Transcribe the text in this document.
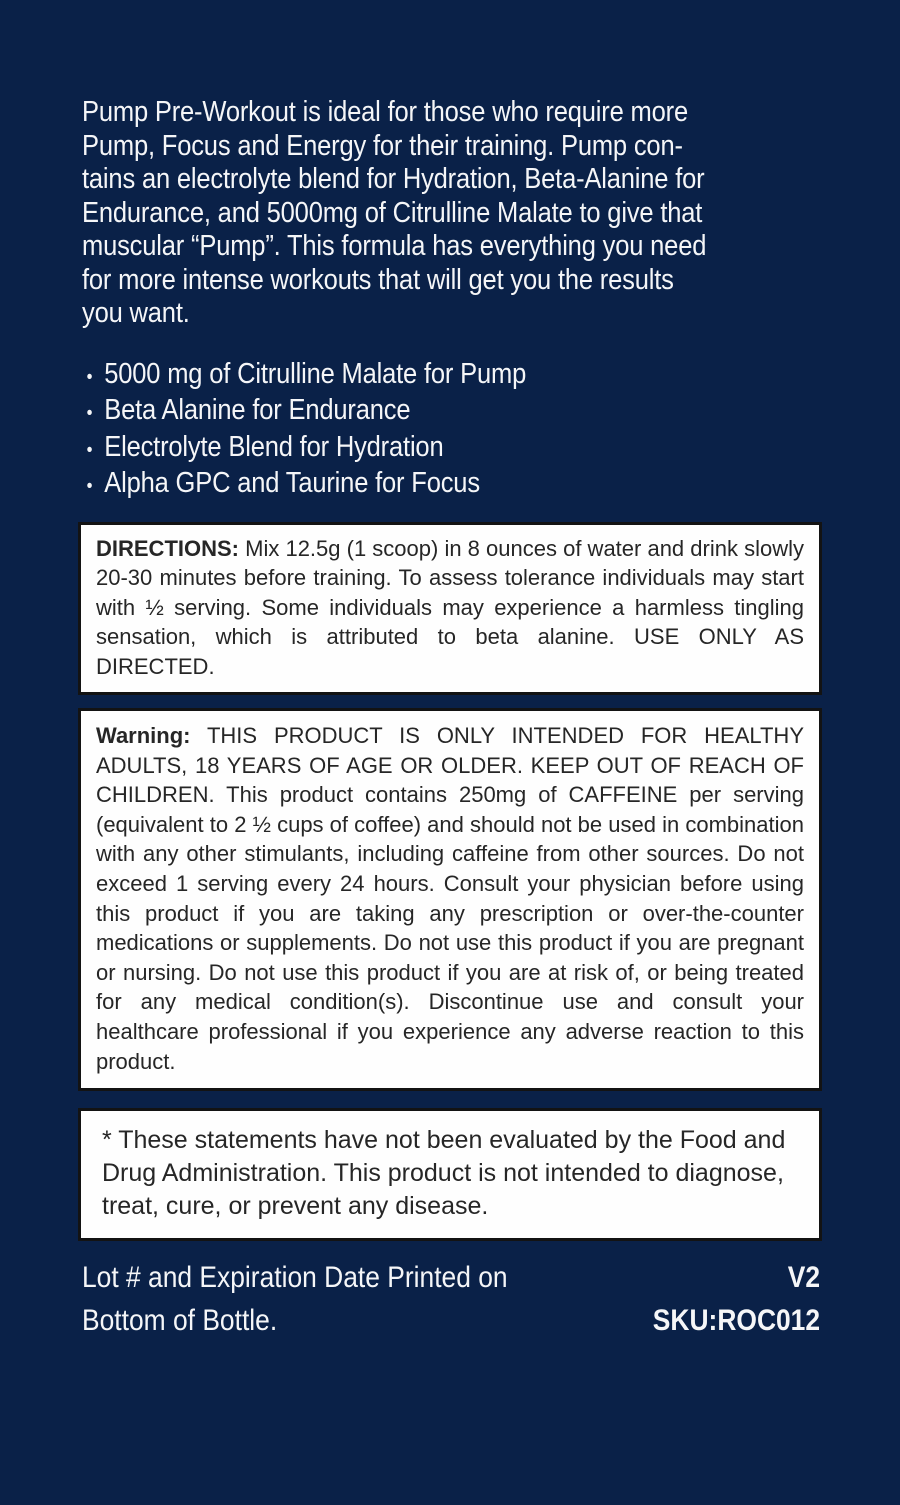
Pump Pre-Workout is ideal for those who require more
Pump, Focus and Energy for their training. Pump con-
tains an electrolyte blend for Hydration, Beta-Alanine for
Endurance, and 5000mg of Citrulline Malate to give that
muscular “Pump”. This formula has everything you need
for more intense workouts that will get you the results
you want.
• 5000 mg of Citrulline Malate for Pump
• Beta Alanine for Endurance
• Electrolyte Blend for Hydration
• Alpha GPC and Taurine for Focus

DIRECTIONS: Mix 12.5g (1 scoop) in 8 ounces of water and drink slowly 20-30 minutes before training. To assess tolerance individuals may start with ½ serving. Some individuals may experience a harmless tingling sensation, which is attributed to beta alanine. USE ONLY AS DIRECTED.

Warning: THIS PRODUCT IS ONLY INTENDED FOR HEALTHY ADULTS, 18 YEARS OF AGE OR OLDER. KEEP OUT OF REACH OF CHILDREN. This product contains 250mg of CAFFEINE per serving (equivalent to 2 ½ cups of coffee) and should not be used in combination with any other stimulants, including caffeine from other sources. Do not exceed 1 serving every 24 hours. Consult your physician before using this product if you are taking any prescription or over-the-counter medications or supplements. Do not use this product if you are pregnant or nursing. Do not use this product if you are at risk of, or being treated for any medical condition(s). Discontinue use and consult your healthcare professional if you experience any adverse reaction to this product.

* These statements have not been evaluated by the Food and Drug Administration. This product is not intended to diagnose, treat, cure, or prevent any disease.

Lot # and Expiration Date Printed on
Bottom of Bottle.
V2
SKU:ROC012
